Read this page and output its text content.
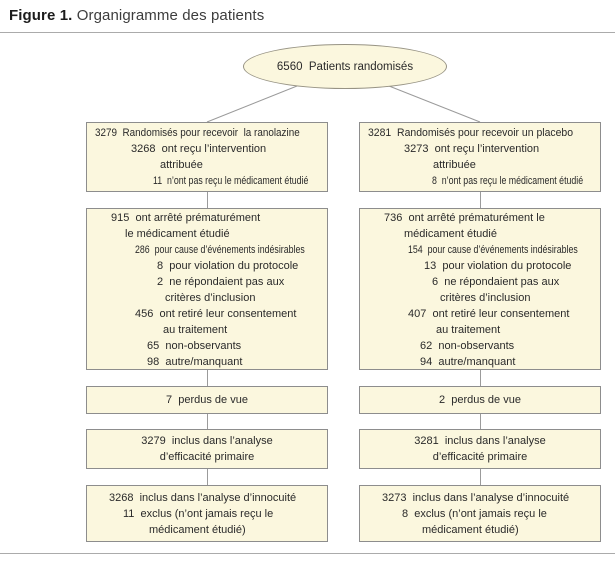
Figure 1. Organigramme des patients
6560  Patients randomisés
3279  Randomisés pour recevoir  la ranolazine
3268  ont reçu l’intervention
attribuée
11  n’ont pas reçu le médicament étudié
915  ont arrêté prématurément
le médicament étudié
286  pour cause d’événements indésirables
8  pour violation du protocole
2  ne répondaient pas aux
critères d’inclusion
456  ont retiré leur consentement
au traitement
65  non-observants
98  autre/manquant
7  perdus de vue
3279  inclus dans l’analyse
d’efficacité primaire
3268  inclus dans l’analyse d’innocuité
11  exclus (n’ont jamais reçu le
médicament étudié)
3281  Randomisés pour recevoir un placebo
3273  ont reçu l’intervention
attribuée
8  n’ont pas reçu le médicament étudié
736  ont arrêté prématurément le
médicament étudié
154  pour cause d’événements indésirables
13  pour violation du protocole
6  ne répondaient pas aux
critères d’inclusion
407  ont retiré leur consentement
au traitement
62  non-observants
94  autre/manquant
2  perdus de vue
3281  inclus dans l’analyse
d’efficacité primaire
3273  inclus dans l’analyse d’innocuité
8  exclus (n’ont jamais reçu le
médicament étudié)
